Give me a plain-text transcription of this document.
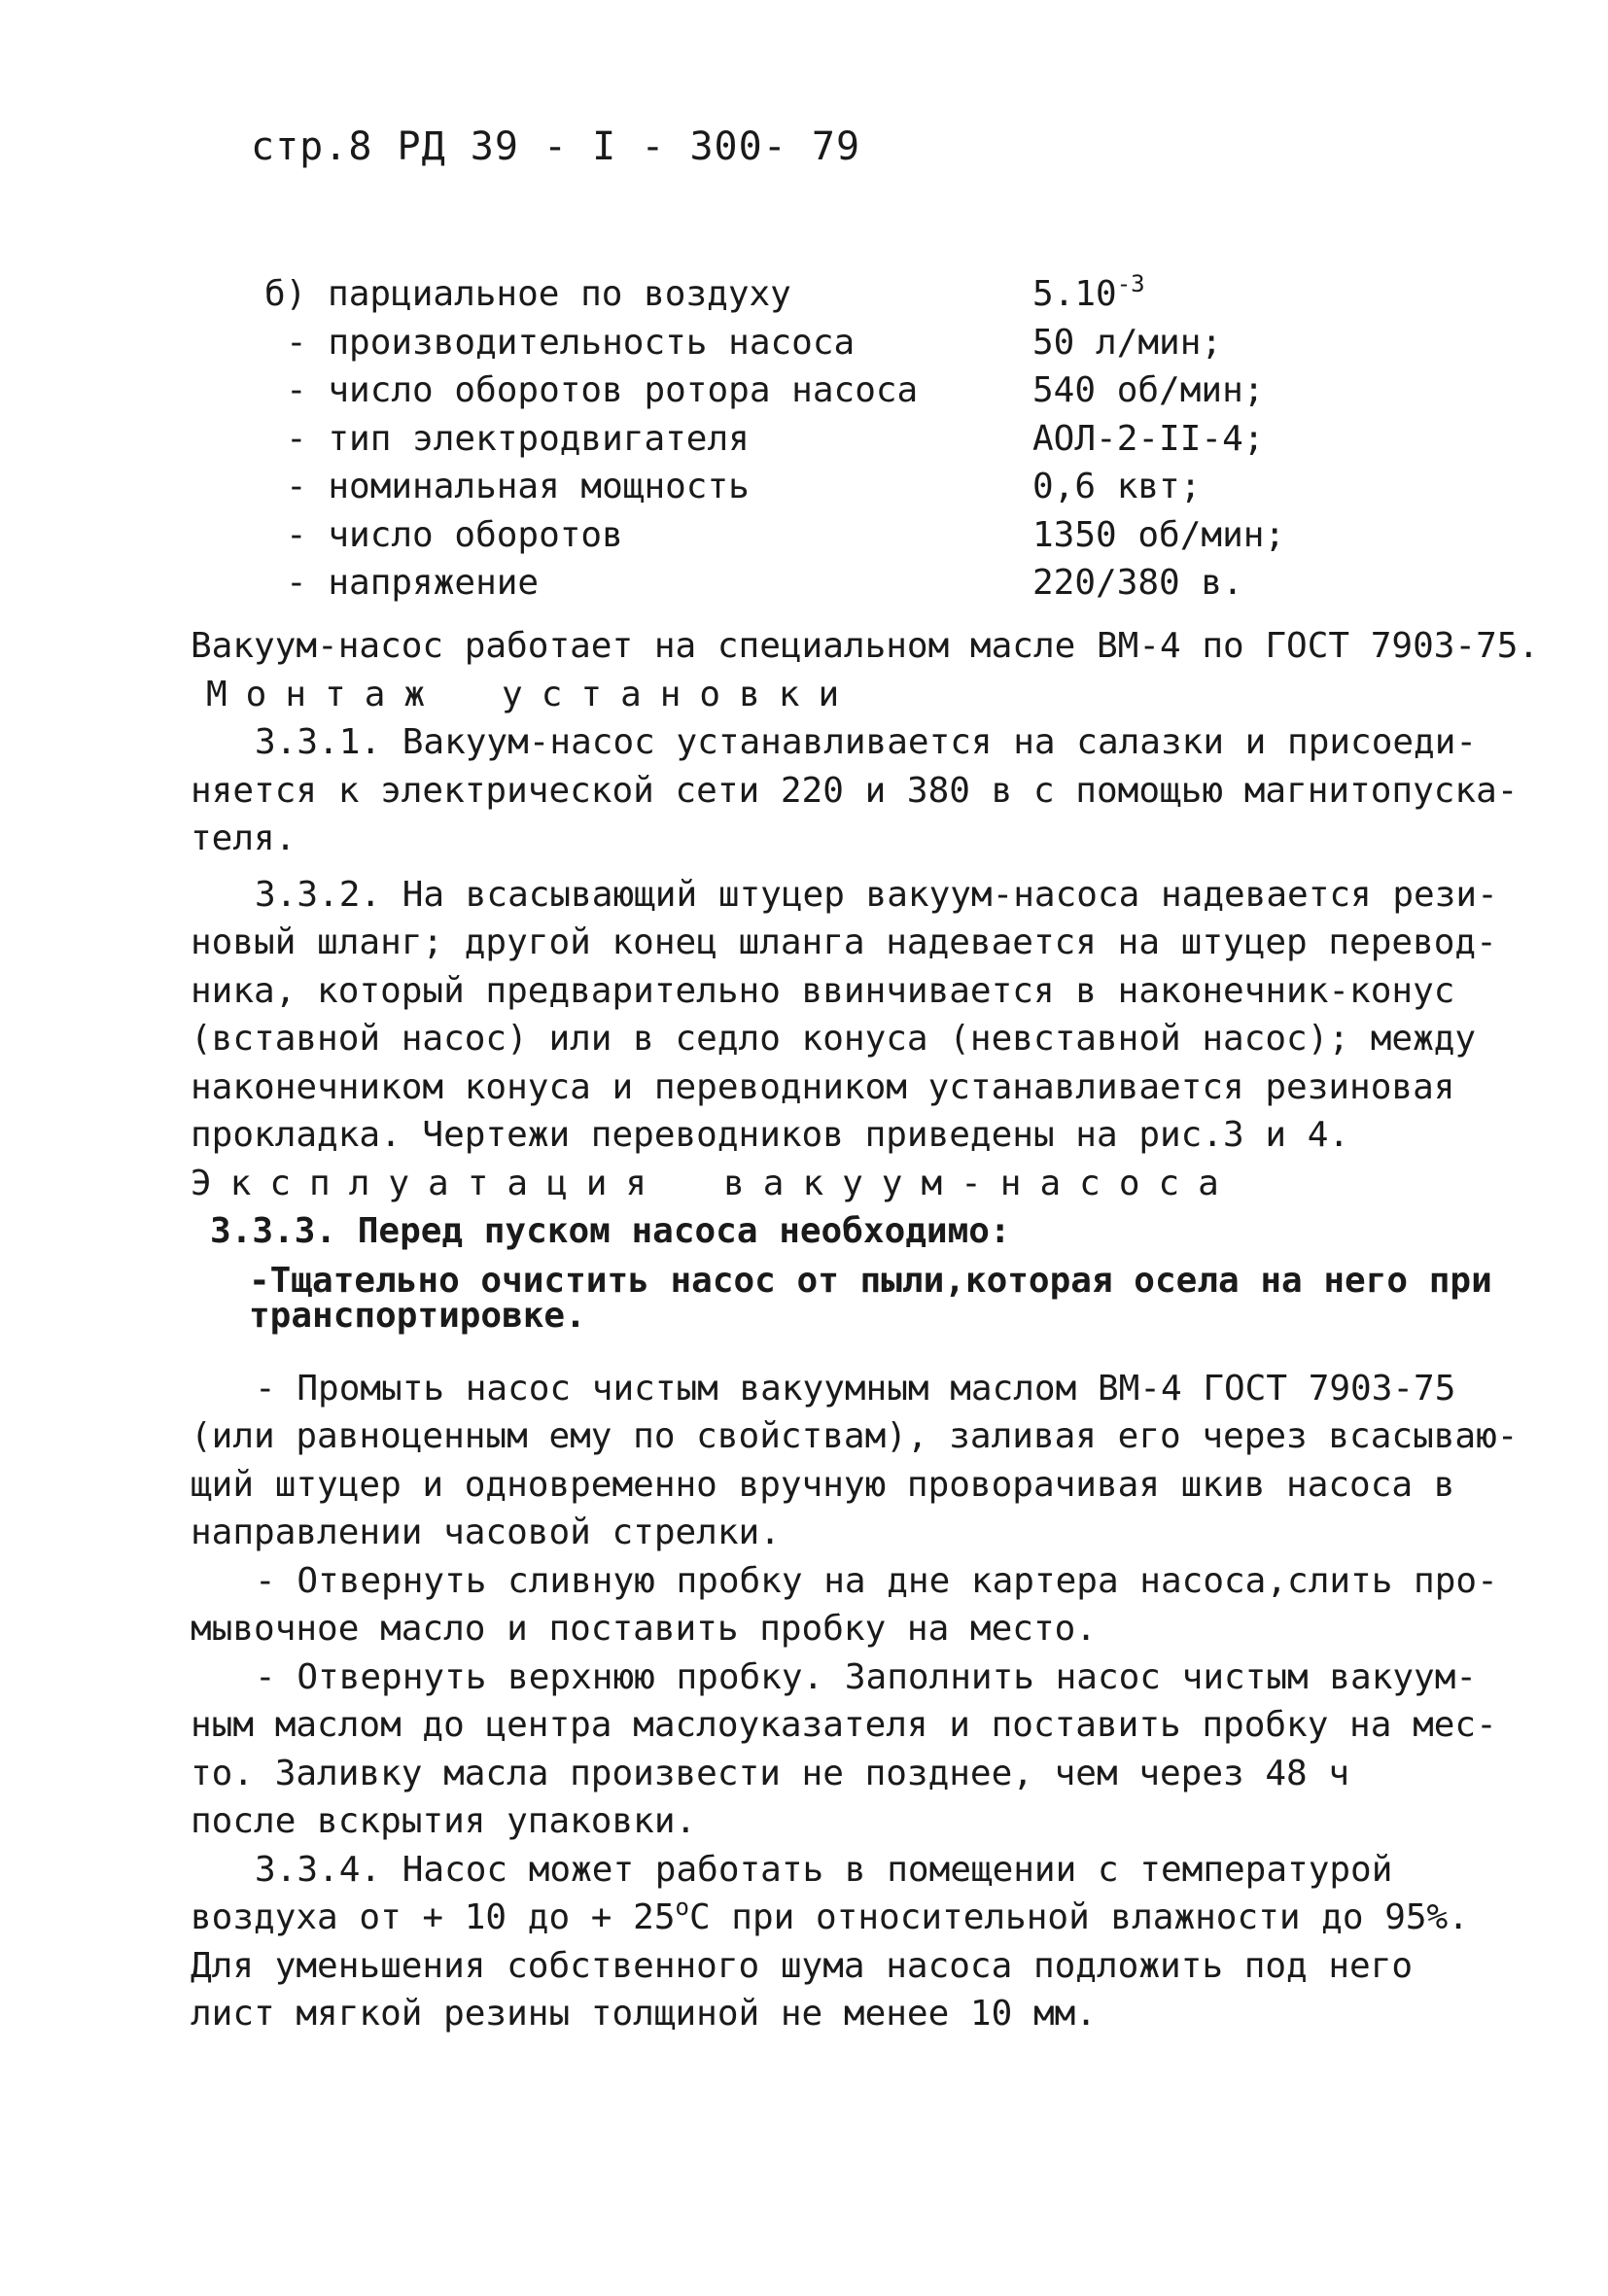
стр.8 РД 39 - I - 300- 79
б) парциальное по воздуху	$5.10^{-3}$
- производительность насоса	50 л/мин;
- число оборотов ротора насоса	540 об/мин;
- тип электродвигателя	АОЛ-2-II-4;
- номинальная мощность	0,6 квт;
- число оборотов	1350 об/мин;
- напряжение	220/380 в.

Вакуум-насос работает на специальном масле ВМ-4 по ГОСТ 7903-75.

Монтаж установки

3.3.1. Вакуум-насос устанавливается на салазки и присоеди-

няется к электрической сети 220 и 380 в с помощью магнитопуска-

теля.

3.3.2. На всасывающий штуцер вакуум-насоса надевается рези-

новый шланг; другой конец шланга надевается на штуцер перевод-

ника, который предварительно ввинчивается в наконечник-конус

(вставной насос) или в седло конуса (невставной насос); между

наконечником конуса и переводником устанавливается резиновая

прокладка. Чертежи переводников приведены на рис.3 и 4.

Эксплуатация вакуум-насоса

3.3.3. Перед пуском насоса необходимо:

-Тщательно очистить насос от пыли,которая осела на него при

транспортировке.

- Промыть насос чистым вакуумным маслом ВМ-4 ГОСТ 7903-75

(или равноценным ему по свойствам), заливая его через всасываю-

щий штуцер и одновременно вручную проворачивая шкив насоса в

направлении часовой стрелки.

- Отвернуть сливную пробку на дне картера насоса,слить про-

мывочное масло и поставить пробку на место.

- Отвернуть верхнюю пробку. Заполнить насос чистым вакуум-

ным маслом до центра маслоуказателя и поставить пробку на мес-

то. Заливку масла произвести не позднее, чем через 48 ч

после вскрытия упаковки.

3.3.4. Насос может работать в помещении с температурой

воздуха от + 10 до + $25^оС$ при относительной влажности до 95%.

Для уменьшения собственного шума насоса подложить под него

лист мягкой резины толщиной не менее 10 мм.
